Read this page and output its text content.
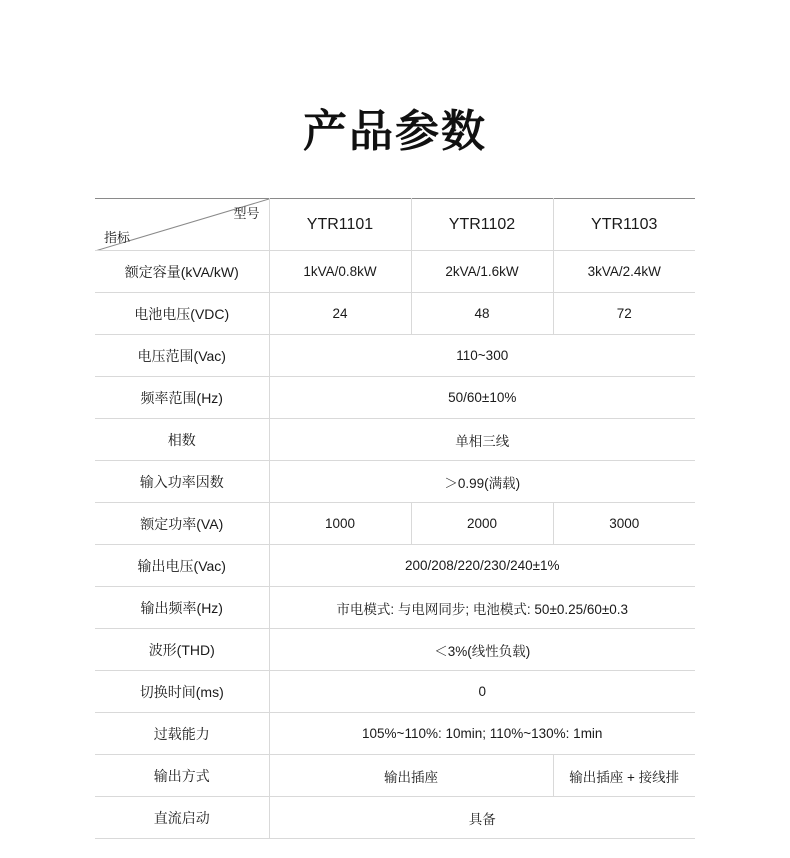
产品参数
型号
指标	YTR1101	YTR1102	YTR1103
额定容量(kVA/kW)	1kVA/0.8kW	2kVA/1.6kW	3kVA/2.4kW
电池电压(VDC)	24	48	72
电压范围(Vac)	110~300		
频率范围(Hz)	50/60±10%		
相数	单相三线		
输入功率因数	＞0.99(满载)		
额定功率(VA)	1000	2000	3000
输出电压(Vac)	200/208/220/230/240±1%		
输出频率(Hz)	市电模式: 与电网同步; 电池模式: 50±0.25/60±0.3		
波形(THD)	＜3%(线性负载)		
切换时间(ms)	0		
过载能力	105%~110%: 10min; 110%~130%: 1min		
输出方式	输出插座		输出插座 + 接线排
直流启动	具备		
